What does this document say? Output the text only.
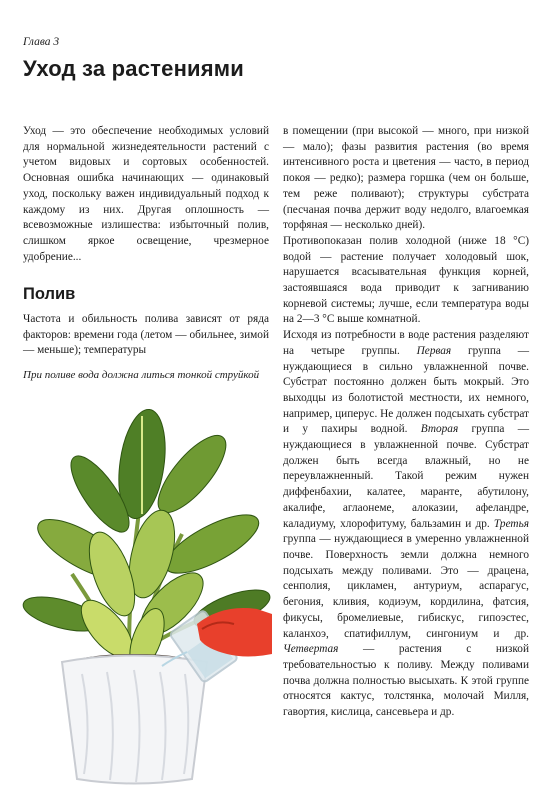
Глава 3
Уход за растениями

Уход — это обеспечение необходимых условий для нормальной жизнедеятельности растений с учетом видовых и сортовых особенностей. Основная ошибка начинающих — одинаковый уход, поскольку важен индивидуальный подход к каждому из них. Другая оплошность — всевозможные излишества: избыточный полив, слишком яркое освещение, чрезмерное удобрение...

Полив

Частота и обильность полива зависят от ряда факторов: времени года (летом — обильнее, зимой — меньше); температуры

При поливе вода должна литься тонкой струйкой

в помещении (при высокой — много, при низкой — мало); фазы развития растения (во время интенсивного роста и цветения — часто, в период покоя — редко); размера горшка (чем он больше, тем реже поливают); структуры субстрата (песчаная почва держит воду недолго, влагоемкая торфяная — несколько дней).

Противопоказан полив холодной (ниже 18 °С) водой — растение получает холодовый шок, нарушается всасывательная функция корней, застоявшаяся вода приводит к загниванию корневой системы; лучше, если температура воды на 2—3 °С выше комнатной.

Исходя из потребности в воде растения разделяют на четыре группы. Первая группа — нуждающиеся в сильно увлажненной почве. Субстрат постоянно должен быть мокрый. Это выходцы из болотистой местности, их немного, например, циперус. Не должен подсыхать субстрат и у пахиры водной. Вторая группа — нуждающиеся в увлажненной почве. Субстрат должен быть всегда влажный, но не переувлажненный. Такой режим нужен диффенбахии, калатее, маранте, абутилону, акалифе, аглаонеме, алоказии, афеландре, каладиуму, хлорофитуму, бальзамин и др. Третья группа — нуждающиеся в умеренно увлажненной почве. Поверхность земли должна немного подсыхать между поливами. Это — драцена, сенполия, цикламен, антуриум, аспарагус, бегония, кливия, кодиэум, кордилина, фатсия, фикусы, бромелиевые, гибискус, гипоэстес, каланхоэ, спатифиллум, сингониум и др. Четвертая — растения с низкой требовательностью к поливу. Между поливами почва должна полностью высыхать. К этой группе относятся кактус, толстянка, молочай Милля, гавортия, кислица, сансевьера и др.
